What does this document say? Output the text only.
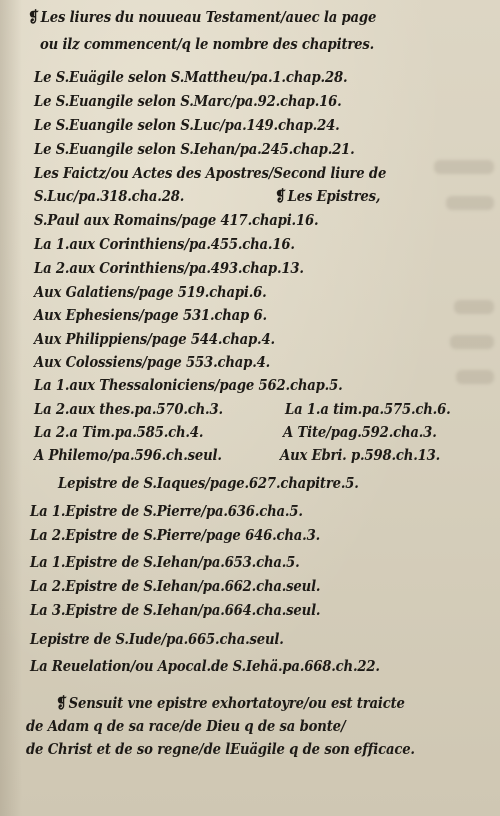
❡ Les liures du nouueau Testament/auec la page
ou ilz commencent/q le nombre des chapitres.
Le S.Euägile selon S.Mattheu/pa.1.chap.28.
Le S.Euangile selon S.Marc/pa.92.chap.16.
Le S.Euangile selon S.Luc/pa.149.chap.24.
Le S.Euangile selon S.Iehan/pa.245.chap.21.
Les Faictz/ou Actes des Apostres/Second liure de
S.Luc/pa.318.cha.28.	❡ Les Epistres,
S.Paul aux Romains/page 417.chapi.16.
La 1.aux Corinthiens/pa.455.cha.16.
La 2.aux Corinthiens/pa.493.chap.13.
Aux Galatiens/page 519.chapi.6.
Aux Ephesiens/page 531.chap 6.
Aux Philippiens/page 544.chap.4.
Aux Colossiens/page 553.chap.4.
La 1.aux Thessaloniciens/page 562.chap.5.
La 2.aux thes.pa.570.ch.3.	La 1.a tim.pa.575.ch.6.
La 2.a Tim.pa.585.ch.4.	A Tite/pag.592.cha.3.
A Philemo/pa.596.ch.seul.	Aux Ebri. p.598.ch.13.
Lepistre de S.Iaques/page.627.chapitre.5.
La 1.Epistre de S.Pierre/pa.636.cha.5.
La 2.Epistre de S.Pierre/page 646.cha.3.
La 1.Epistre de S.Iehan/pa.653.cha.5.
La 2.Epistre de S.Iehan/pa.662.cha.seul.
La 3.Epistre de S.Iehan/pa.664.cha.seul.
Lepistre de S.Iude/pa.665.cha.seul.
La Reuelation/ou Apocal.de S.Iehä.pa.668.ch.22.
❡ Sensuit vne epistre exhortatoyre/ou est traicte
de Adam q de sa race/de Dieu q de sa bonte/
de Christ et de so regne/de lEuägile q de son efficace.
